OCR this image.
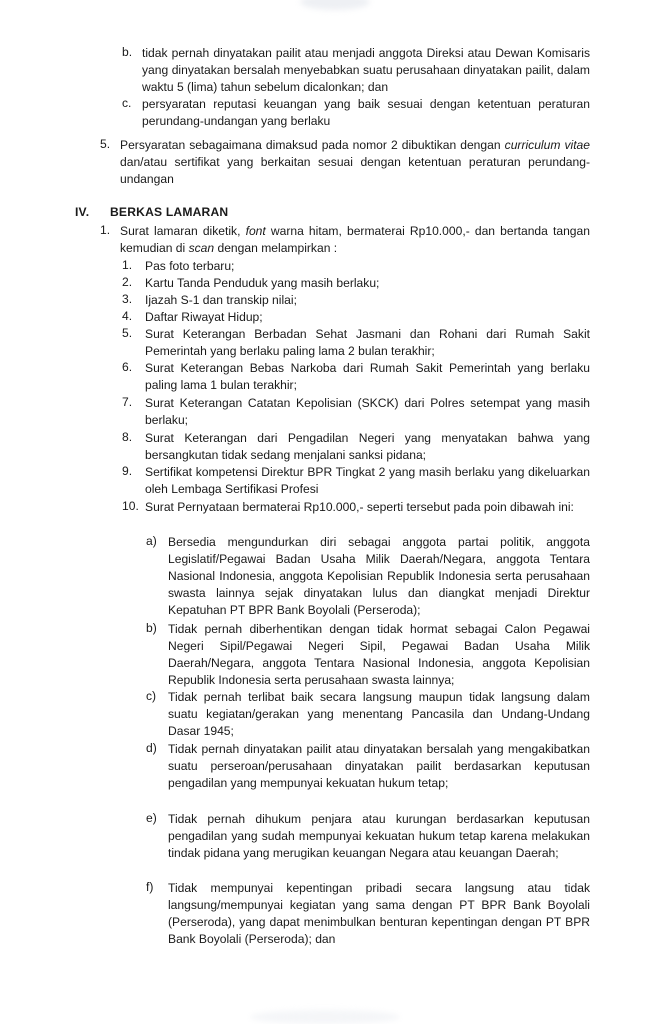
b. tidak pernah dinyatakan pailit atau menjadi anggota Direksi atau Dewan Komisaris yang dinyatakan bersalah menyebabkan suatu perusahaan dinyatakan pailit, dalam waktu 5 (lima) tahun sebelum dicalonkan; dan

c. persyaratan reputasi keuangan yang baik sesuai dengan ketentuan peraturan perundang-undangan yang berlaku

5. Persyaratan sebagaimana dimaksud pada nomor 2 dibuktikan dengan curriculum vitae dan/atau sertifikat yang berkaitan sesuai dengan ketentuan peraturan perundang-undangan

IV. BERKAS LAMARAN
1. Surat lamaran diketik, font warna hitam, bermaterai Rp10.000,- dan bertanda tangan kemudian di scan dengan melampirkan :

1. Pas foto terbaru;

2. Kartu Tanda Penduduk yang masih berlaku;

3. Ijazah S-1 dan transkip nilai;

4. Daftar Riwayat Hidup;

5. Surat Keterangan Berbadan Sehat Jasmani dan Rohani dari Rumah Sakit Pemerintah yang berlaku paling lama 2 bulan terakhir;

6. Surat Keterangan Bebas Narkoba dari Rumah Sakit Pemerintah yang berlaku paling lama 1 bulan terakhir;

7. Surat Keterangan Catatan Kepolisian (SKCK) dari Polres setempat yang masih berlaku;

8. Surat Keterangan dari Pengadilan Negeri yang menyatakan bahwa yang bersangkutan tidak sedang menjalani sanksi pidana;

9. Sertifikat kompetensi Direktur BPR Tingkat 2 yang masih berlaku yang dikeluarkan oleh Lembaga Sertifikasi Profesi

10. Surat Pernyataan bermaterai Rp10.000,- seperti tersebut pada poin dibawah ini:

a) Bersedia mengundurkan diri sebagai anggota partai politik, anggota Legislatif/Pegawai Badan Usaha Milik Daerah/Negara, anggota Tentara Nasional Indonesia, anggota Kepolisian Republik Indonesia serta perusahaan swasta lainnya sejak dinyatakan lulus dan diangkat menjadi Direktur Kepatuhan PT BPR Bank Boyolali (Perseroda);

b) Tidak pernah diberhentikan dengan tidak hormat sebagai Calon Pegawai Negeri Sipil/Pegawai Negeri Sipil, Pegawai Badan Usaha Milik Daerah/Negara, anggota Tentara Nasional Indonesia, anggota Kepolisian Republik Indonesia serta perusahaan swasta lainnya;

c) Tidak pernah terlibat baik secara langsung maupun tidak langsung dalam suatu kegiatan/gerakan yang menentang Pancasila dan Undang-Undang Dasar 1945;

d) Tidak pernah dinyatakan pailit atau dinyatakan bersalah yang mengakibatkan suatu perseroan/perusahaan dinyatakan pailit berdasarkan keputusan pengadilan yang mempunyai kekuatan hukum tetap;

e) Tidak pernah dihukum penjara atau kurungan berdasarkan keputusan pengadilan yang sudah mempunyai kekuatan hukum tetap karena melakukan tindak pidana yang merugikan keuangan Negara atau keuangan Daerah;

f) Tidak mempunyai kepentingan pribadi secara langsung atau tidak langsung/mempunyai kegiatan yang sama dengan PT BPR Bank Boyolali (Perseroda), yang dapat menimbulkan benturan kepentingan dengan PT BPR Bank Boyolali (Perseroda); dan
